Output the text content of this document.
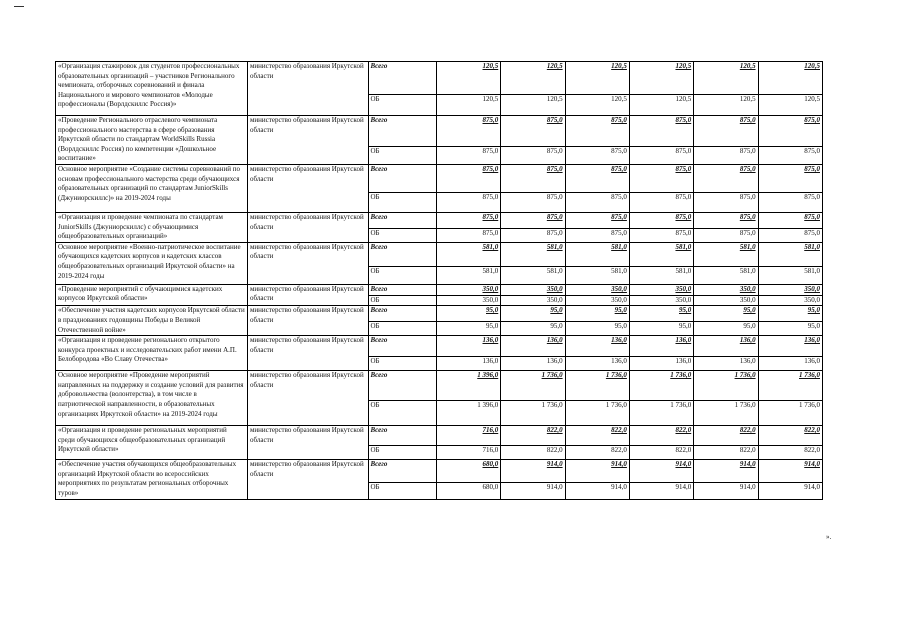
«Организация стажировок для студентов профессиональных образовательных организаций – участников Регионального чемпионата, отборочных соревнований и финала Национального и мирового чемпионатов «Молодые профессионалы (Ворлдскиллс Россия)»	министерство образования Иркутской области	Всего	120,5	120,5	120,5	120,5	120,5	120,5
		ОБ	120,5	120,5	120,5	120,5	120,5	120,5
«Проведение Регионального отраслевого чемпионата профессионального мастерства в сфере образования Иркутской области по стандартам WorldSkills Russia (Ворлдскиллс Россия) по компетенции «Дошкольное воспитание»	министерство образования Иркутской области	Всего	875,0	875,0	875,0	875,0	875,0	875,0
		ОБ	875,0	875,0	875,0	875,0	875,0	875,0
Основное мероприятие «Создание системы соревнований по основам профессионального мастерства среди обучающихся образовательных организаций по стандартам JuniorSkills (Джуниорскиллс)» на 2019-2024 годы	министерство образования Иркутской области	Всего	875,0	875,0	875,0	875,0	875,0	875,0
		ОБ	875,0	875,0	875,0	875,0	875,0	875,0
«Организация и проведение чемпионата по стандартам JuniorSkills (Джуниорскиллс) с обучающимися общеобразовательных организаций»	министерство образования Иркутской области	Всего	875,0	875,0	875,0	875,0	875,0	875,0
		ОБ	875,0	875,0	875,0	875,0	875,0	875,0
Основное мероприятие «Военно-патриотическое воспитание обучающихся кадетских корпусов и кадетских классов общеобразовательных организаций Иркутской области» на 2019-2024 годы	министерство образования Иркутской области	Всего	581,0	581,0	581,0	581,0	581,0	581,0
		ОБ	581,0	581,0	581,0	581,0	581,0	581,0
«Проведение мероприятий с обучающимися кадетских корпусов Иркутской области»	министерство образования Иркутской области	Всего	350,0	350,0	350,0	350,0	350,0	350,0
		ОБ	350,0	350,0	350,0	350,0	350,0	350,0
«Обеспечение участия кадетских корпусов Иркутской области в празднованиях годовщины Победы в Великой Отечественной войне»	министерство образования Иркутской области	Всего	95,0	95,0	95,0	95,0	95,0	95,0
		ОБ	95,0	95,0	95,0	95,0	95,0	95,0
«Организация и проведение регионального открытого конкурса проектных и исследовательских работ имени А.П. Белобородова «Во Славу Отечества»	министерство образования Иркутской области	Всего	136,0	136,0	136,0	136,0	136,0	136,0
		ОБ	136,0	136,0	136,0	136,0	136,0	136,0
Основное мероприятие «Проведение мероприятий направленных на поддержку и создание условий для развития добровольчества (волонтерства), в том числе в патриотической направленности, в образовательных организациях Иркутской области» на 2019-2024 годы	министерство образования Иркутской области	Всего	1 396,0	1 736,0	1 736,0	1 736,0	1 736,0	1 736,0
		ОБ	1 396,0	1 736,0	1 736,0	1 736,0	1 736,0	1 736,0
«Организация и проведение региональных мероприятий среди обучающихся общеобразовательных организаций Иркутской области»	министерство образования Иркутской области	Всего	716,0	822,0	822,0	822,0	822,0	822,0
		ОБ	716,0	822,0	822,0	822,0	822,0	822,0
«Обеспечение участия обучающихся общеобразовательных организаций Иркутской области во всероссийских мероприятиях по результатам региональных отборочных туров»	министерство образования Иркутской области	Всего	680,0	914,0	914,0	914,0	914,0	914,0
		ОБ	680,0	914,0	914,0	914,0	914,0	914,0
».
